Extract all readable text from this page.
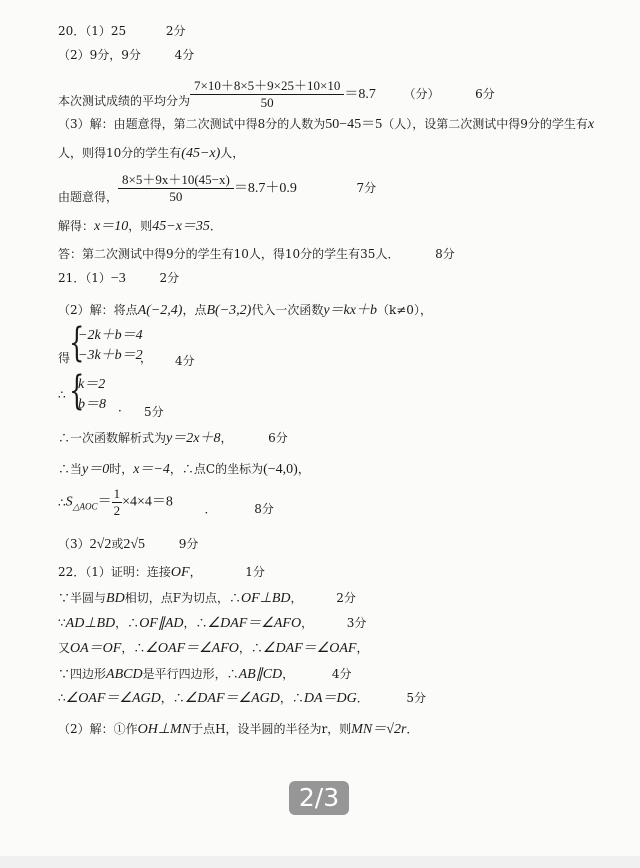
20．（1）25	2分
（2）9分，9分	4分
本次测试成绩的平均分为 $\frac{7\times 10+8\times 5+9\times 25+10\times 10}{50} =8.7$ （分）	6分
（3）解：由题意得，第二次测试中得8分的人数为50−45＝5（人），设第二次测试中得9分的学生有x
人，则得10分的学生有(45−x)人，
由题意得， $\frac{8\times 5+9x+10(45-x)}{50} =8.7+0.9$	7分
解得：x＝10，则45−x＝35．
答：第二次测试中得9分的学生有10人，得10分的学生有35人．	8分
21．（1）−3	2分
（2）解：将点A(−2,4)，点B(−3,2)代入一次函数y＝kx＋b（k≠0），
{
得
−2k＋b＝4
−3k＋b＝2
， 4分
∴ {
k＝2
b＝8 ． 5分
∴一次函数解析式为y＝2x＋8，	6分
∴当y＝0时，x＝−4，∴点C的坐标为(−4,0)，
$\therefore S_{\triangle AOC}= \frac{1}{2} \times 4\times 4=8$	．	8分
（3）2√2或2√5	9分
22．（1）证明：连接OF，	1分
∵半圆与BD相切，点F为切点，∴OF⊥BD，	2分
∵AD⊥BD，∴OF∥AD，∴∠DAF＝∠AFO，	3分
又OA＝OF，∴∠OAF＝∠AFO，∴∠DAF＝∠OAF，
∵四边形ABCD是平行四边形，∴AB∥CD，	4分
∴∠OAF＝∠AGD，∴∠DAF＝∠AGD，∴DA＝DG．	5分
（2）解：①作OH⊥MN于点H，设半圆的半径为r，则MN＝√2r．
2/3
